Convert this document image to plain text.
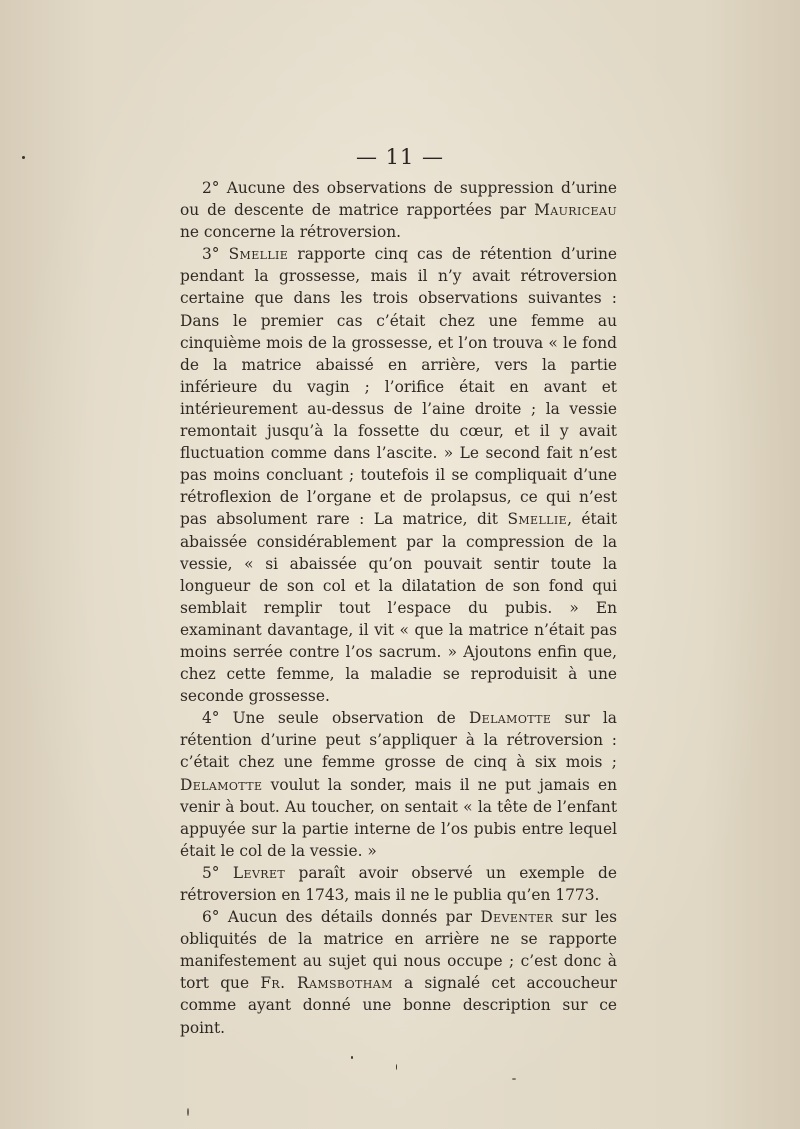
— 11 —

2° Aucune des observations de suppression d’urine ou de descente de matrice rapportées par Mauriceau ne concerne la rétroversion.

3° Smellie rapporte cinq cas de rétention d’urine pendant la grossesse, mais il n’y avait rétroversion certaine que dans les trois observations suivantes : Dans le premier cas c’était chez une femme au cinquième mois de la grossesse, et l’on trouva « le fond de la matrice abaissé en arrière, vers la partie inférieure du vagin ; l’orifice était en avant et intérieurement au-dessus de l’aine droite ; la vessie remontait jusqu’à la fossette du cœur, et il y avait fluctuation comme dans l’ascite. » Le second fait n’est pas moins concluant ; toutefois il se compliquait d’une rétroflexion de l’organe et de prolapsus, ce qui n’est pas absolument rare : La matrice, dit Smellie, était abaissée considérablement par la compression de la vessie, « si abaissée qu’on pouvait sentir toute la longueur de son col et la dilatation de son fond qui semblait remplir tout l’espace du pubis. » En examinant davantage, il vit « que la matrice n’était pas moins serrée contre l’os sacrum. » Ajoutons enfin que, chez cette femme, la maladie se reproduisit à une seconde grossesse.

4° Une seule observation de Delamotte sur la rétention d’urine peut s’appliquer à la rétroversion : c’était chez une femme grosse de cinq à six mois ; Delamotte voulut la sonder, mais il ne put jamais en venir à bout. Au toucher, on sentait « la tête de l’enfant appuyée sur la partie interne de l’os pubis entre lequel était le col de la vessie. »

5° Levret paraît avoir observé un exemple de rétroversion en 1743, mais il ne le publia qu’en 1773.

6° Aucun des détails donnés par Deventer sur les obliquités de la matrice en arrière ne se rapporte manifestement au sujet qui nous occupe ; c’est donc à tort que Fr. Ramsbotham a signalé cet accoucheur comme ayant donné une bonne description sur ce point.
